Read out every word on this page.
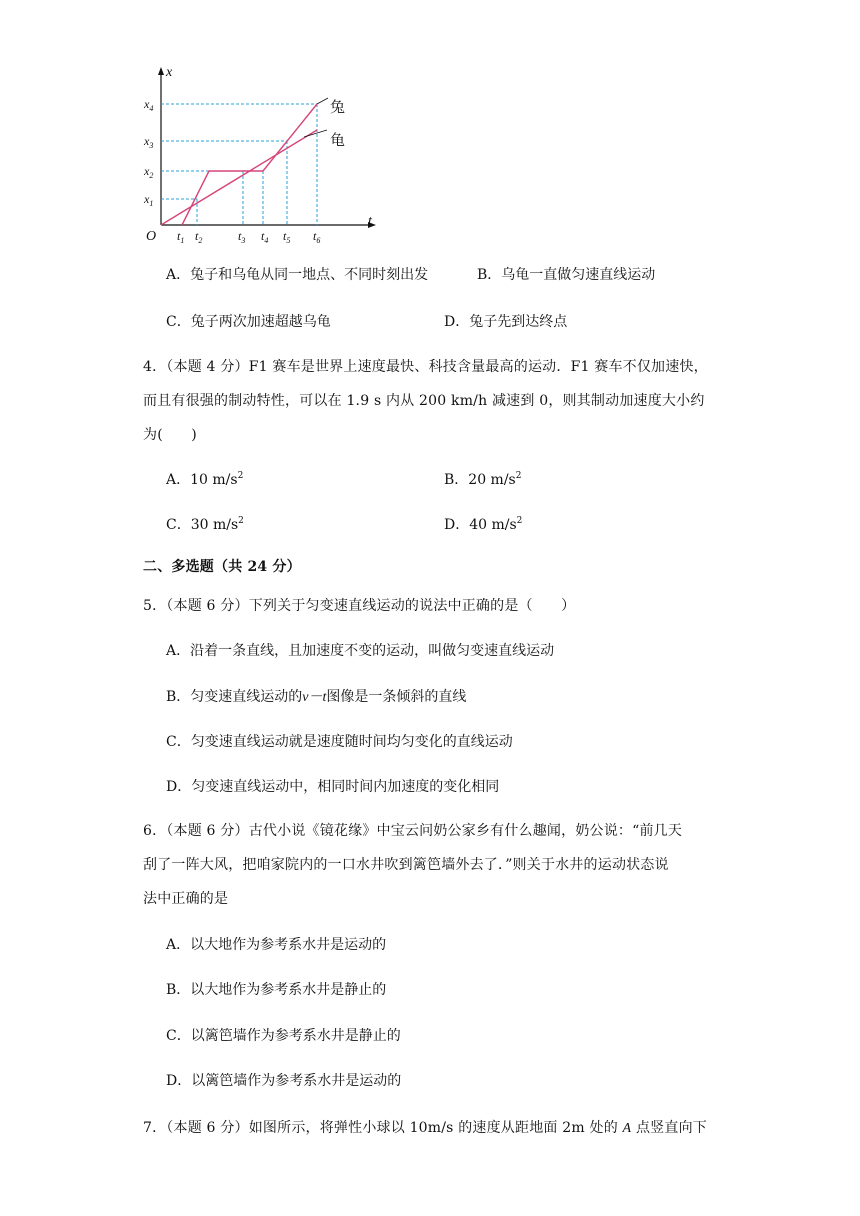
x
t
O
兔
龟
$x_4$
$x_3$
$x_2$
$x_1$
$t_1$ $t_2$	$t_3$ $t_4$ $t_5$ $t_6$
A．兔子和乌龟从同一地点、不同时刻出发	B．乌龟一直做匀速直线运动
C．兔子两次加速超越乌龟	D．兔子先到达终点
4．（本题 4 分）F1 赛车是世界上速度最快、科技含量最高的运动．F1 赛车不仅加速快，
而且有很强的制动特性，可以在 1.9 s 内从 200 km/h 减速到 0，则其制动加速度大小约
为(　　)
A．10 $m/s^2$	B．20 $m/s^2$
C．30 $m/s^2$	D．40 $m/s^2$
二、多选题（共 24 分）
5．（本题 6 分）下列关于匀变速直线运动的说法中正确的是（　　）
A．沿着一条直线，且加速度不变的运动，叫做匀变速直线运动
B．匀变速直线运动的v－t图像是一条倾斜的直线
C．匀变速直线运动就是速度随时间均匀变化的直线运动
D．匀变速直线运动中，相同时间内加速度的变化相同
6．（本题 6 分）古代小说《镜花缘》中宝云问奶公家乡有什么趣闻，奶公说：“前几天
刮了一阵大风，把咱家院内的一口水井吹到篱笆墙外去了．”则关于水井的运动状态说
法中正确的是
A．以大地作为参考系水井是运动的
B．以大地作为参考系水井是静止的
C．以篱笆墙作为参考系水井是静止的
D．以篱笆墙作为参考系水井是运动的
7．（本题 6 分）如图所示，将弹性小球以 10m/s 的速度从距地面 2m 处的 A 点竖直向下
